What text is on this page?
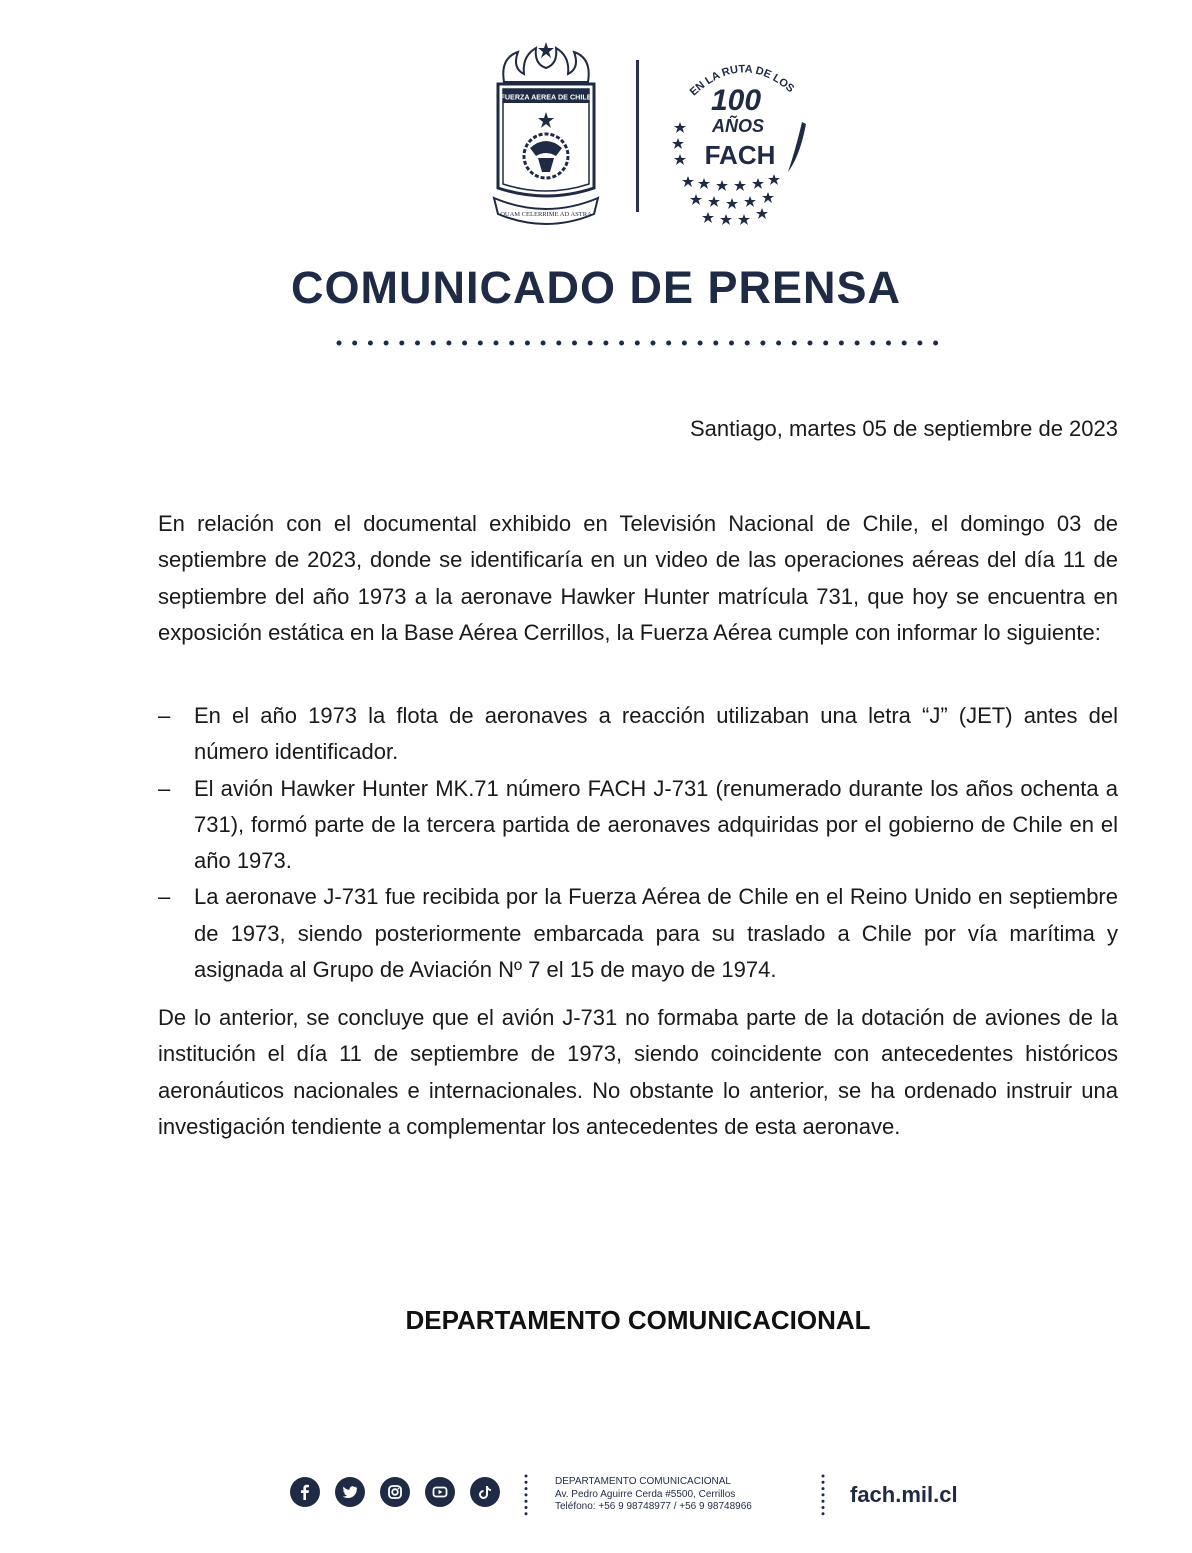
FUERZA AEREA DE CHILE
QUAM CELERRIME AD ASTRA
EN LA RUTA DE LOS
100
AÑOS
FACH
COMUNICADO DE PRENSA
Santiago, martes 05 de septiembre de 2023
En relación con el documental exhibido en Televisión Nacional de Chile, el domingo 03 de septiembre de 2023, donde se identificaría en un video de las operaciones aéreas del día 11 de septiembre del año 1973 a la aeronave Hawker Hunter matrícula 731, que hoy se encuentra en exposición estática en la Base Aérea Cerrillos, la Fuerza Aérea cumple con informar lo siguiente:
– En el año 1973 la flota de aeronaves a reacción utilizaban una letra “J” (JET) antes del número identificador.
– El avión Hawker Hunter MK.71 número FACH J-731 (renumerado durante los años ochenta a 731), formó parte de la tercera partida de aeronaves adquiridas por el gobierno de Chile en el año 1973.
– La aeronave J-731 fue recibida por la Fuerza Aérea de Chile en el Reino Unido en septiembre de 1973, siendo posteriormente embarcada para su traslado a Chile por vía marítima y asignada al Grupo de Aviación Nº 7 el 15 de mayo de 1974.
De lo anterior, se concluye que el avión J-731 no formaba parte de la dotación de aviones de la institución el día 11 de septiembre de 1973, siendo coincidente con antecedentes históricos aeronáuticos nacionales e internacionales. No obstante lo anterior, se ha ordenado instruir una investigación tendiente a complementar los antecedentes de esta aeronave.
DEPARTAMENTO COMUNICACIONAL
DEPARTAMENTO COMUNICACIONAL
Av. Pedro Aguirre Cerda #5500, Cerrillos
Teléfono: +56 9 98748977 / +56 9 98748966	fach.mil.cl
